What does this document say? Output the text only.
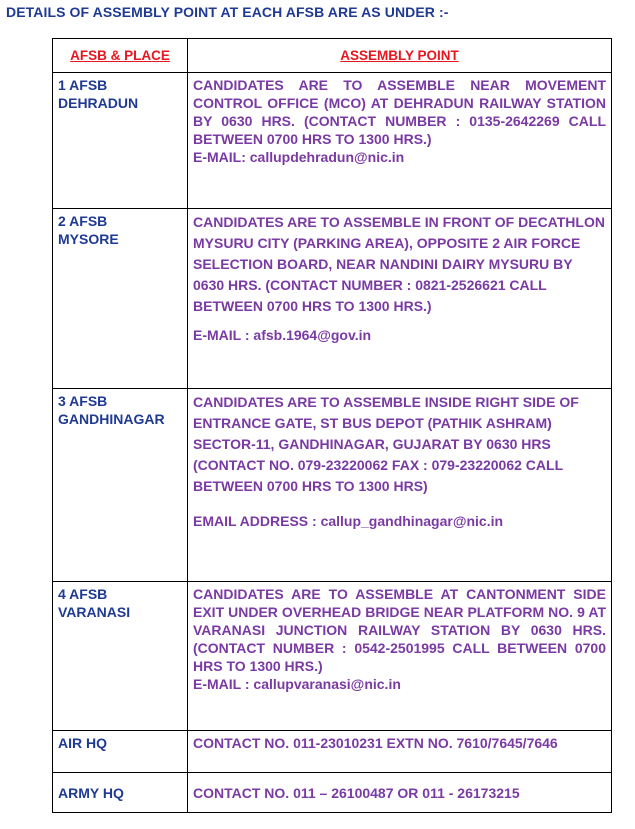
DETAILS OF ASSEMBLY POINT AT EACH AFSB ARE AS UNDER :-
AFSB & PLACE	ASSEMBLY POINT

1 AFSB
DEHRADUN	CANDIDATES ARE TO ASSEMBLE NEAR MOVEMENT CONTROL OFFICE (MCO) AT DEHRADUN RAILWAY STATION BY 0630 HRS. (CONTACT NUMBER : 0135-2642269 CALL BETWEEN 0700 HRS TO 1300 HRS.)
E-MAIL: callupdehradun@nic.in

2 AFSB
MYSORE	CANDIDATES ARE TO ASSEMBLE IN FRONT OF DECATHLON MYSURU CITY (PARKING AREA), OPPOSITE 2 AIR FORCE SELECTION BOARD, NEAR NANDINI DAIRY MYSURU BY 0630 HRS. (CONTACT NUMBER : 0821-2526621 CALL BETWEEN 0700 HRS TO 1300 HRS.)
E-MAIL : afsb.1964@gov.in

3 AFSB
GANDHINAGAR	CANDIDATES ARE TO ASSEMBLE INSIDE RIGHT SIDE OF ENTRANCE GATE, ST BUS DEPOT (PATHIK ASHRAM) SECTOR-11, GANDHINAGAR, GUJARAT BY 0630 HRS (CONTACT NO. 079-23220062 FAX : 079-23220062 CALL BETWEEN 0700 HRS TO 1300 HRS)
EMAIL ADDRESS : callup_gandhinagar@nic.in

4 AFSB
VARANASI	CANDIDATES ARE TO ASSEMBLE AT CANTONMENT SIDE EXIT UNDER OVERHEAD BRIDGE NEAR PLATFORM NO. 9 AT VARANASI JUNCTION RAILWAY STATION BY 0630 HRS. (CONTACT NUMBER : 0542-2501995 CALL BETWEEN 0700 HRS TO 1300 HRS.)
E-MAIL : callupvaranasi@nic.in

AIR HQ	CONTACT NO. 011-23010231 EXTN NO. 7610/7645/7646

ARMY HQ	CONTACT NO. 011 – 26100487 OR 011 - 26173215
